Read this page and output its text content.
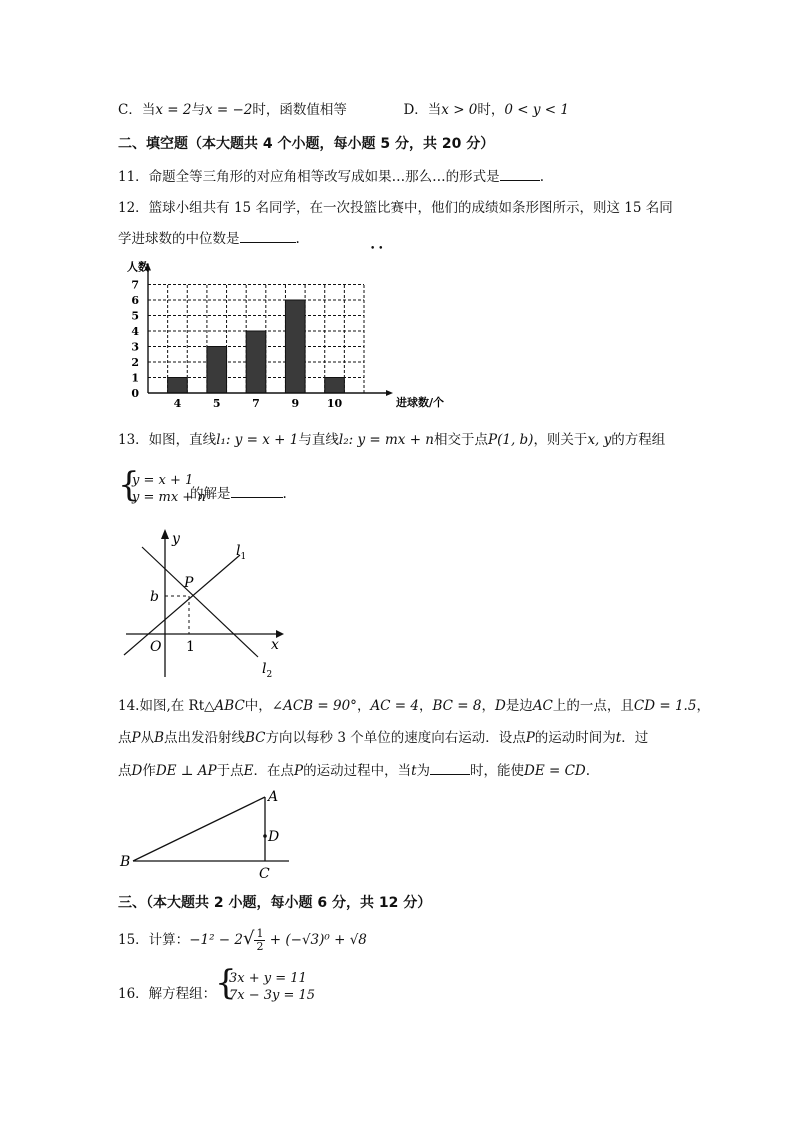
C．当x = 2与x = −2时，函数值相等	D．当x > 0时，0 < y < 1
二、填空题（本大题共 4 个小题，每小题 5 分，共 20 分）
11．命题全等三角形的对应角相等改写成如果…那么…的形式是	.
12．篮球小组共有 15 名同学，在一次投篮比赛中，他们的成绩如条形图所示，则这 15 名同
学进球数的中位数是	.
• •
4	5	7	9	10
0
1
2
3
4
5
6
7
人数
进球数/个
13．如图，直线l₁: y = x + 1与直线l₂: y = mx + n相交于点P(1, b)，则关于x, y的方程组
{
y = x + 1
y = mx + n
的解是	.
y
x
O 1
b
P
$l_1$
$l_2$
14.如图,在 Rt△ABC中，∠ACB = 90°，AC = 4，BC = 8，D是边AC上的一点，且CD = 1.5，
点P从B点出发沿射线BC方向以每秒 3 个单位的速度向右运动．设点P的运动时间为t．过
点D作DE ⊥ AP于点E．在点P的运动过程中，当t为	时，能使DE = CD.
A
B
C
D
三、（本大题共 2 小题，每小题 6 分，共 12 分）
15．计算：$-1^2 - 2√ \frac{1}{2} + (-√3)^0 + √8$
16．解方程组：
{
3x + y = 11
7x − 3y = 15
